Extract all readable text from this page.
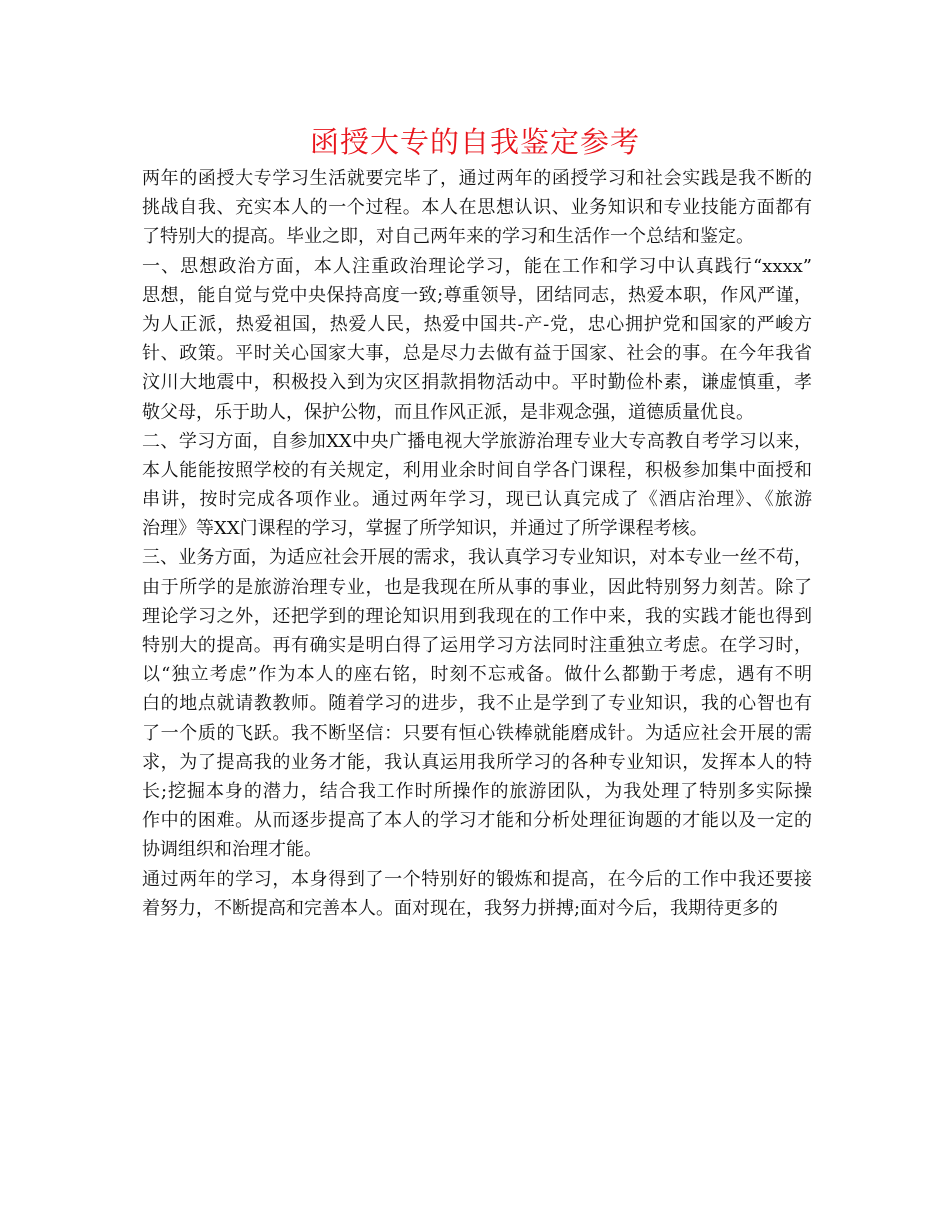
函授大专的自我鉴定参考
两年的函授大专学习生活就要完毕了，通过两年的函授学习和社会实践是我不断的
挑战自我、充实本人的一个过程。本人在思想认识、业务知识和专业技能方面都有
了特别大的提高。毕业之即，对自己两年来的学习和生活作一个总结和鉴定。
一、思想政治方面，本人注重政治理论学习，能在工作和学习中认真践行“xxxx”
思想，能自觉与党中央保持高度一致;尊重领导，团结同志，热爱本职，作风严谨，
为人正派，热爱祖国，热爱人民，热爱中国共-产-党，忠心拥护党和国家的严峻方
针、政策。平时关心国家大事，总是尽力去做有益于国家、社会的事。在今年我省
汶川大地震中，积极投入到为灾区捐款捐物活动中。平时勤俭朴素，谦虚慎重，孝
敬父母，乐于助人，保护公物，而且作风正派，是非观念强，道德质量优良。
二、学习方面，自参加XX中央广播电视大学旅游治理专业大专高教自考学习以来，
本人能能按照学校的有关规定，利用业余时间自学各门课程，积极参加集中面授和
串讲，按时完成各项作业。通过两年学习，现已认真完成了《酒店治理》、《旅游
治理》等XX门课程的学习，掌握了所学知识，并通过了所学课程考核。
三、业务方面，为适应社会开展的需求，我认真学习专业知识，对本专业一丝不苟，
由于所学的是旅游治理专业，也是我现在所从事的事业，因此特别努力刻苦。除了
理论学习之外，还把学到的理论知识用到我现在的工作中来，我的实践才能也得到
特别大的提高。再有确实是明白得了运用学习方法同时注重独立考虑。在学习时，
以“独立考虑”作为本人的座右铭，时刻不忘戒备。做什么都勤于考虑，遇有不明
白的地点就请教教师。随着学习的进步，我不止是学到了专业知识，我的心智也有
了一个质的飞跃。我不断坚信：只要有恒心铁棒就能磨成针。为适应社会开展的需
求，为了提高我的业务才能，我认真运用我所学习的各种专业知识，发挥本人的特
长;挖掘本身的潜力，结合我工作时所操作的旅游团队，为我处理了特别多实际操
作中的困难。从而逐步提高了本人的学习才能和分析处理征询题的才能以及一定的
协调组织和治理才能。
通过两年的学习，本身得到了一个特别好的锻炼和提高，在今后的工作中我还要接
着努力，不断提高和完善本人。面对现在，我努力拼搏;面对今后，我期待更多的
